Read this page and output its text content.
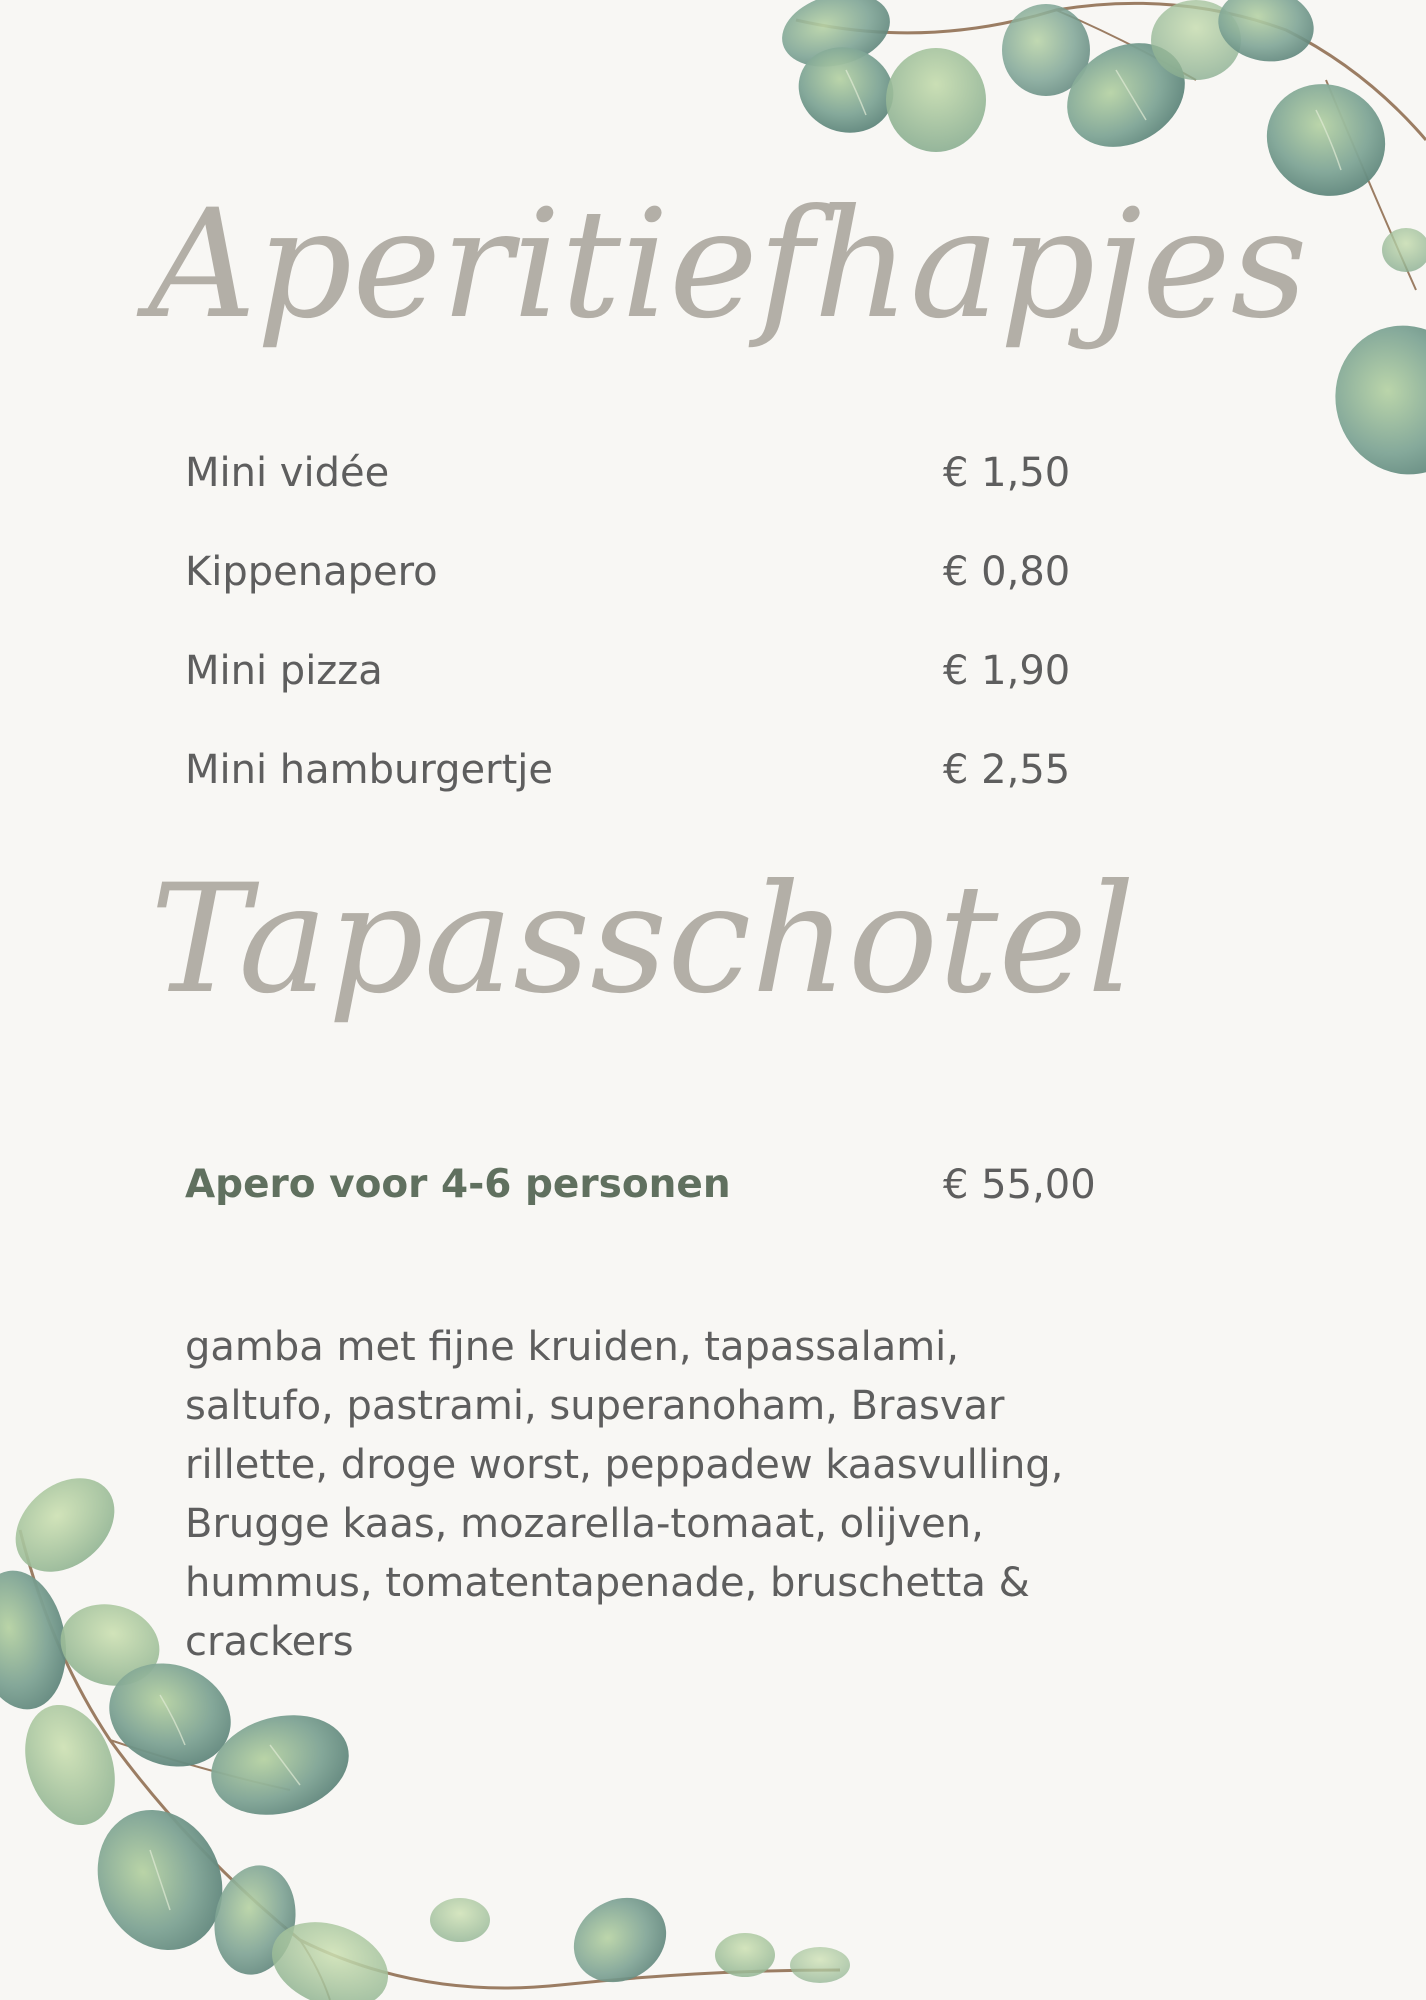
Aperitiefhapjes
Mini vidée	€ 1,50
Kippenapero	€ 0,80
Mini pizza	€ 1,90
Mini hamburgertje	€ 2,55
Tapasschotel
Apero voor 4-6 personen	€ 55,00

gamba met fijne kruiden, tapassalami, saltufo, pastrami, superanoham, Brasvar rillette, droge worst, peppadew kaasvulling, Brugge kaas, mozarella-tomaat, olijven, hummus, tomatentapenade, bruschetta & crackers
